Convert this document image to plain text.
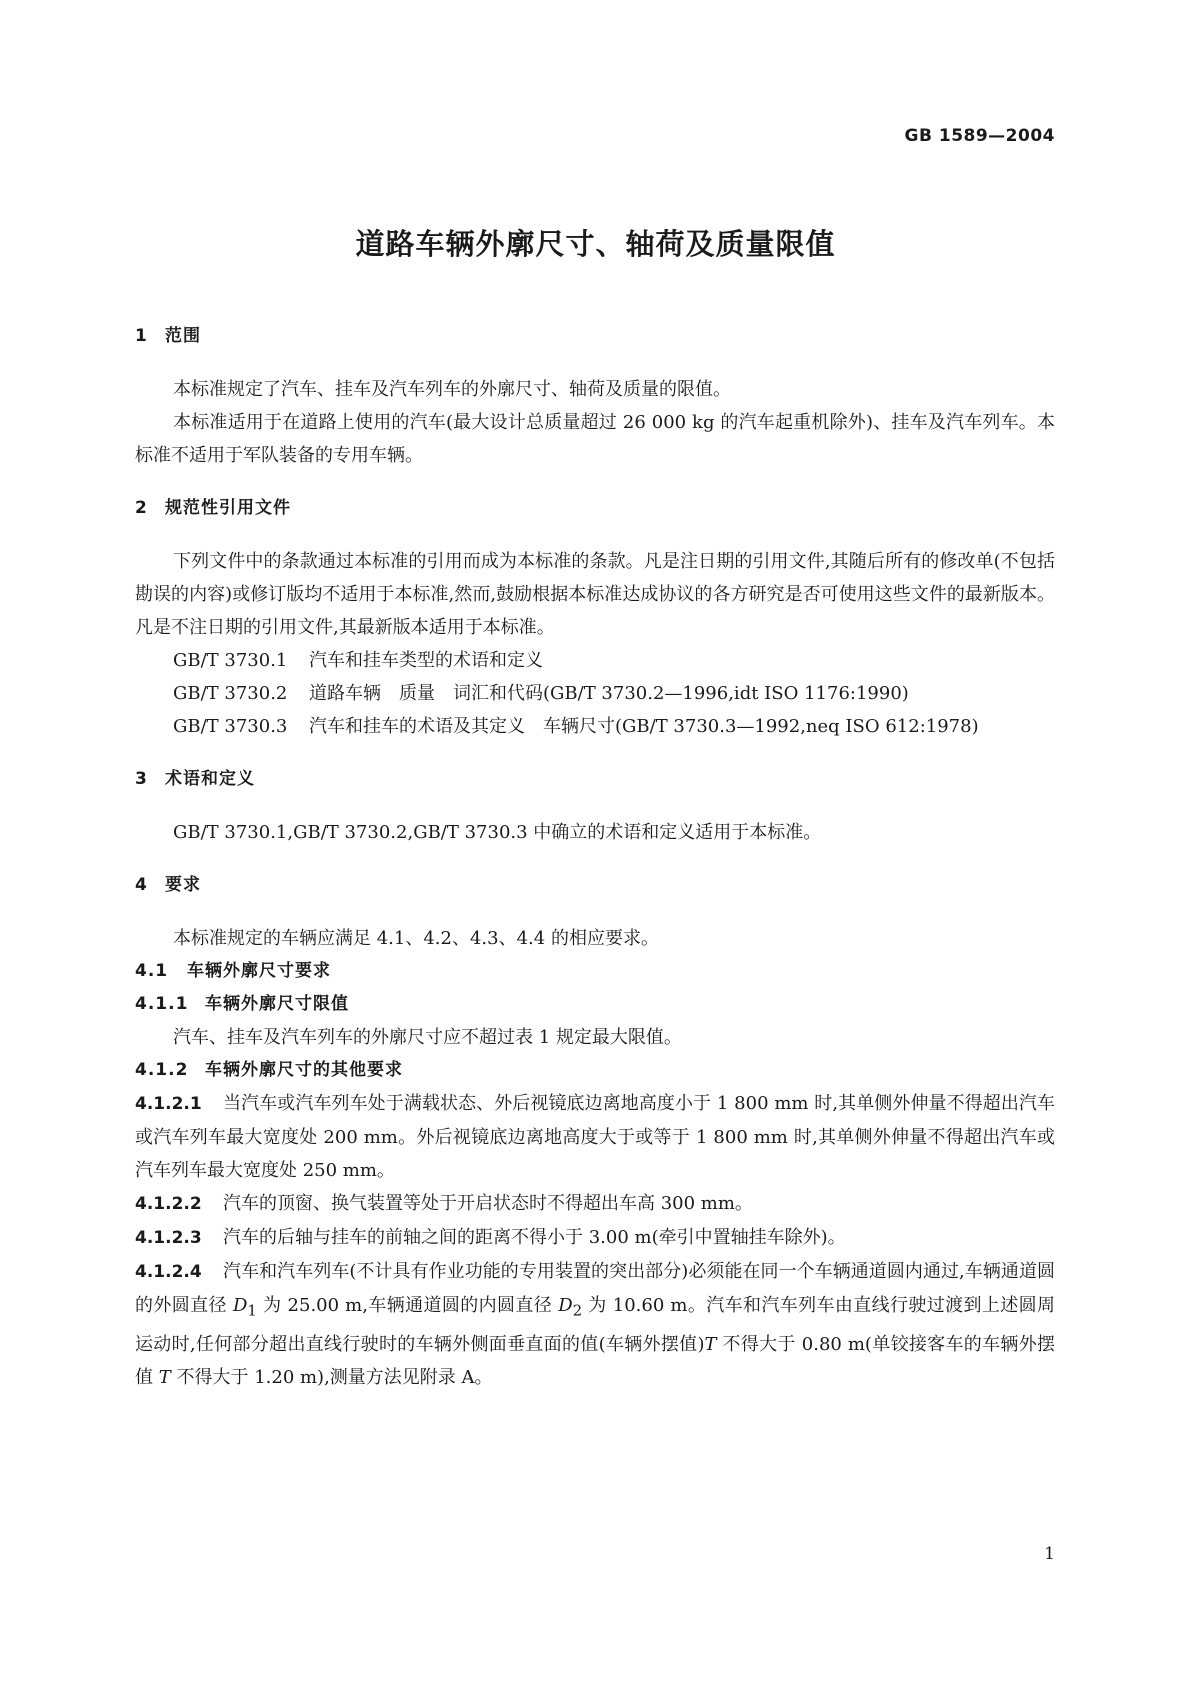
GB 1589—2004
道路车辆外廓尺寸、轴荷及质量限值
1 范围

本标准规定了汽车、挂车及汽车列车的外廓尺寸、轴荷及质量的限值。

本标准适用于在道路上使用的汽车(最大设计总质量超过 26 000 kg 的汽车起重机除外)、挂车及汽车列车。本标准不适用于军队装备的专用车辆。

2 规范性引用文件

下列文件中的条款通过本标准的引用而成为本标准的条款。凡是注日期的引用文件,其随后所有的修改单(不包括勘误的内容)或修订版均不适用于本标准,然而,鼓励根据本标准达成协议的各方研究是否可使用这些文件的最新版本。凡是不注日期的引用文件,其最新版本适用于本标准。

GB/T 3730.1 汽车和挂车类型的术语和定义
GB/T 3730.2 道路车辆　质量　词汇和代码(GB/T 3730.2—1996,idt ISO 1176:1990)
GB/T 3730.3 汽车和挂车的术语及其定义　车辆尺寸(GB/T 3730.3—1992,neq ISO 612:1978)
3 术语和定义

GB/T 3730.1,GB/T 3730.2,GB/T 3730.3 中确立的术语和定义适用于本标准。

4 要求

本标准规定的车辆应满足 4.1、4.2、4.3、4.4 的相应要求。

4.1 车辆外廓尺寸要求
4.1.1 车辆外廓尺寸限值

汽车、挂车及汽车列车的外廓尺寸应不超过表 1 规定最大限值。

4.1.2 车辆外廓尺寸的其他要求

4.1.2.1 当汽车或汽车列车处于满载状态、外后视镜底边离地高度小于 1 800 mm 时,其单侧外伸量不得超出汽车或汽车列车最大宽度处 200 mm。外后视镜底边离地高度大于或等于 1 800 mm 时,其单侧外伸量不得超出汽车或汽车列车最大宽度处 250 mm。

4.1.2.2 汽车的顶窗、换气装置等处于开启状态时不得超出车高 300 mm。

4.1.2.3 汽车的后轴与挂车的前轴之间的距离不得小于 3.00 m(牵引中置轴挂车除外)。

4.1.2.4 汽车和汽车列车(不计具有作业功能的专用装置的突出部分)必须能在同一个车辆通道圆内通过,车辆通道圆的外圆直径 $D_1$ 为 25.00 m,车辆通道圆的内圆直径 $D_2$ 为 10.60 m。汽车和汽车列车由直线行驶过渡到上述圆周运动时,任何部分超出直线行驶时的车辆外侧面垂直面的值(车辆外摆值)T 不得大于 0.80 m(单铰接客车的车辆外摆值 T 不得大于 1.20 m),测量方法见附录 A。

1
